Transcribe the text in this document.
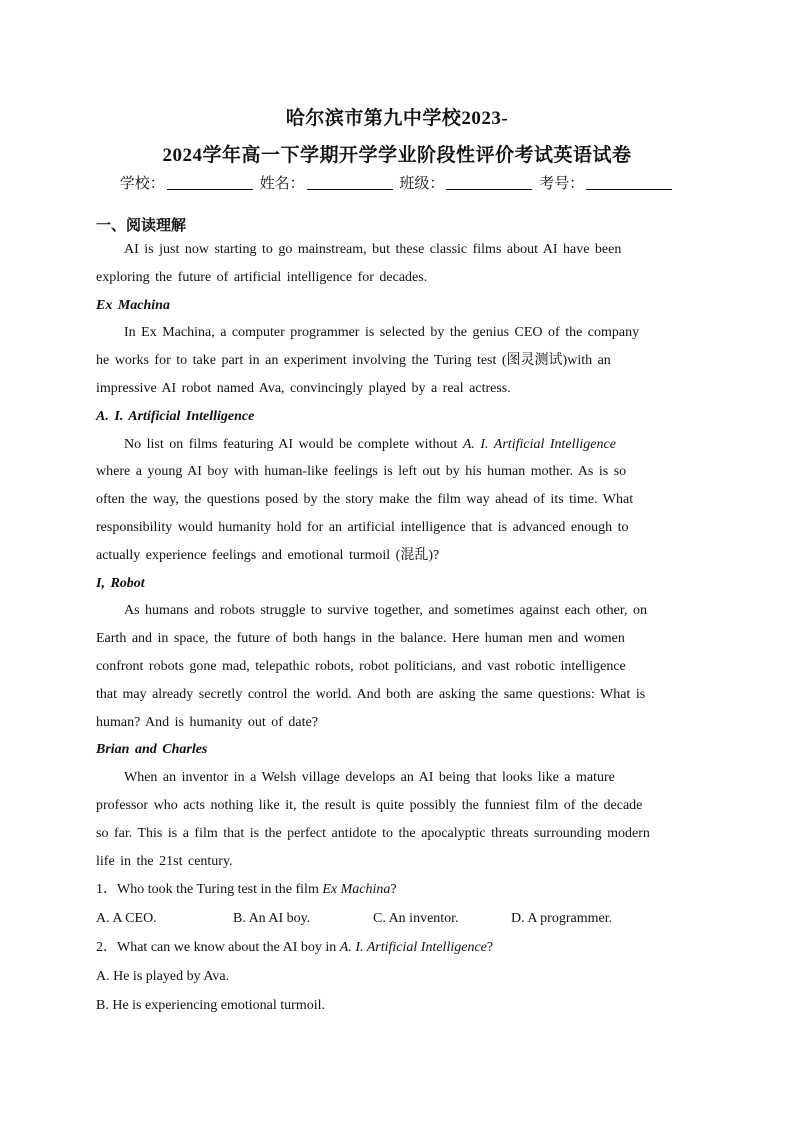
哈尔滨市第九中学校2023-
2024学年高一下学期开学学业阶段性评价考试英语试卷
学校：	姓名：	班级：	考号：
一、阅读理解
AI is just now starting to go mainstream, but these classic films about AI have been
exploring the future of artificial intelligence for decades.
Ex Machina
In Ex Machina, a computer programmer is selected by the genius CEO of the company
he works for to take part in an experiment involving the Turing test (图灵测试)with an
impressive AI robot named Ava, convincingly played by a real actress.
A. I. Artificial Intelligence
No list on films featuring AI would be complete without A. I. Artificial Intelligence
where a young AI boy with human-like feelings is left out by his human mother. As is so
often the way, the questions posed by the story make the film way ahead of its time. What
responsibility would humanity hold for an artificial intelligence that is advanced enough to
actually experience feelings and emotional turmoil (混乱)?
I, Robot
As humans and robots struggle to survive together, and sometimes against each other, on
Earth and in space, the future of both hangs in the balance. Here human men and women
confront robots gone mad, telepathic robots, robot politicians, and vast robotic intelligence
that may already secretly control the world. And both are asking the same questions: What is
human? And is humanity out of date?
Brian and Charles
When an inventor in a Welsh village develops an AI being that looks like a mature
professor who acts nothing like it, the result is quite possibly the funniest film of the decade
so far. This is a film that is the perfect antidote to the apocalyptic threats surrounding modern
life in the 21st century.
1．Who took the Turing test in the film Ex Machina?
A. A CEO.	B. An AI boy.	C. An inventor.	D. A programmer.
2．What can we know about the AI boy in A. I. Artificial Intelligence?
A. He is played by Ava.
B. He is experiencing emotional turmoil.
